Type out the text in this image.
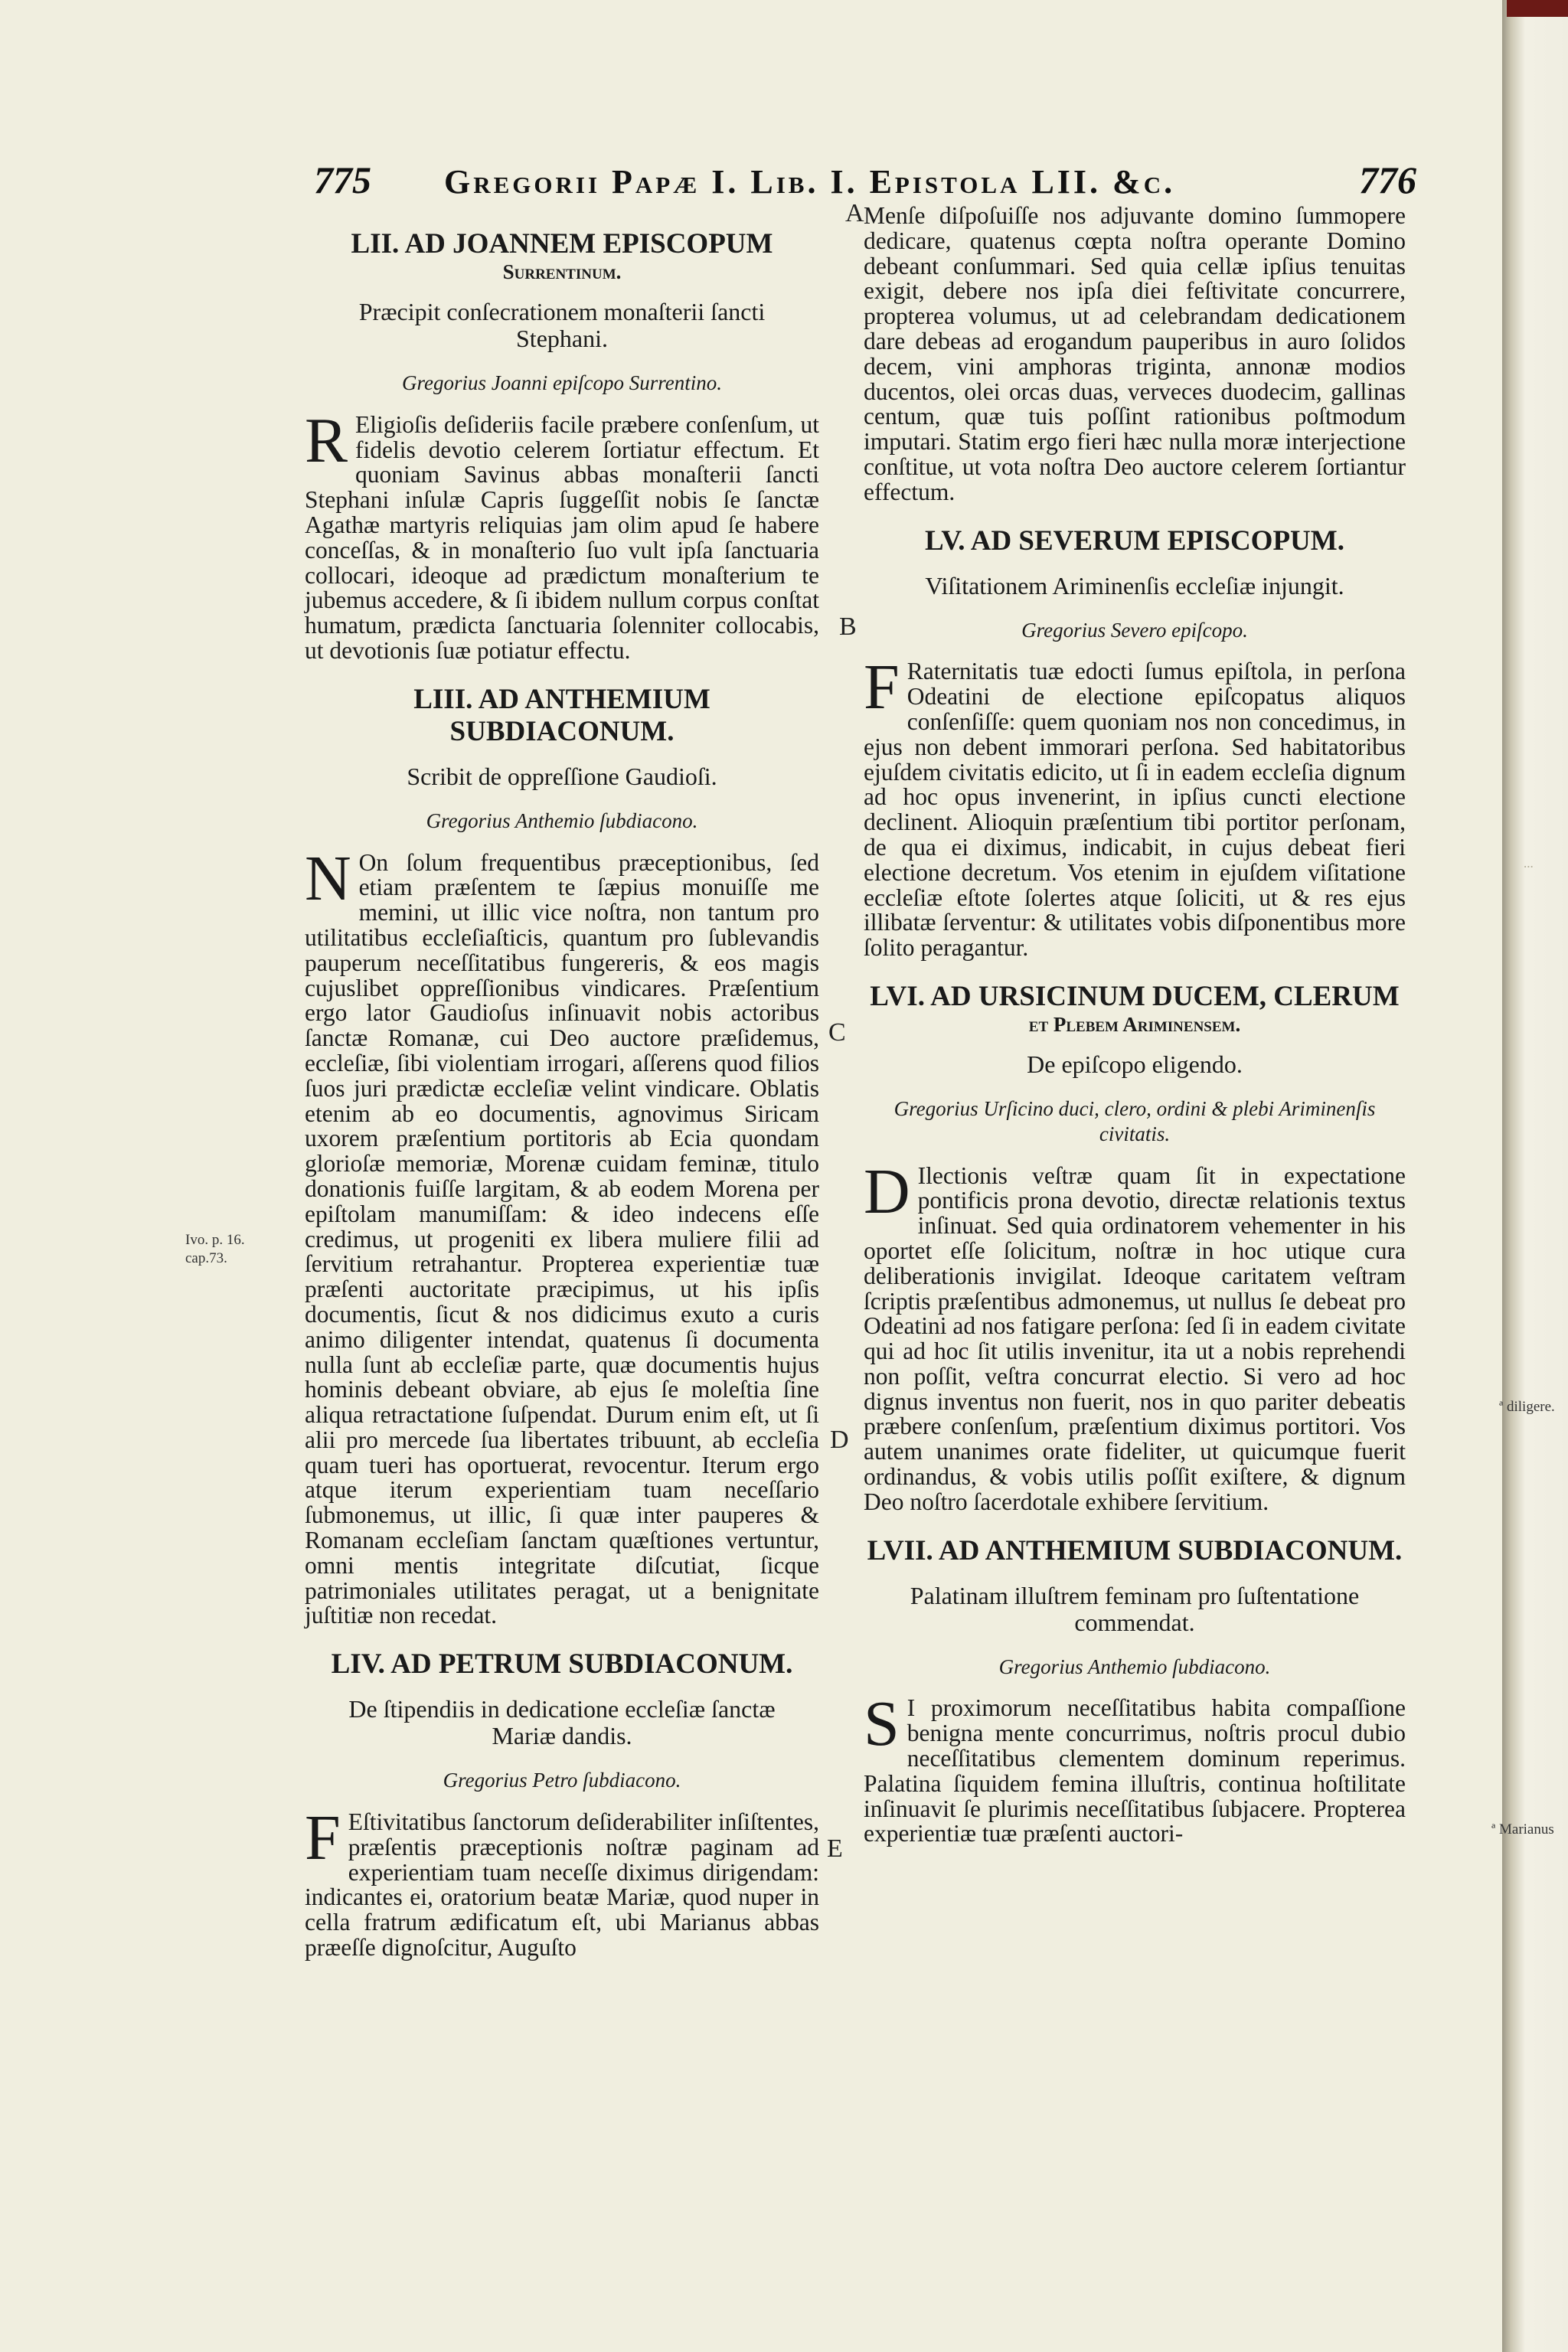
775 Gregorii Papæ I. Lib. I. Epistola LII. &c.	776
A
B
C
D
E
Ivo. p. 16.
cap.73.
ª diligere.
ª Marianus
...
LII. AD JOANNEM EPISCOPUM
Surrentinum.
Præcipit conſecrationem monaſterii ſancti Stephani.
Gregorius Joanni epiſcopo Surrentino.
R Eligioſis deſideriis facile præbere conſenſum, ut fidelis devotio celerem ſortiatur effectum. Et quoniam Savinus abbas monaſterii ſancti Stephani inſulæ Capris ſuggeſſit nobis ſe ſanctæ Agathæ martyris reliquias jam olim apud ſe habere conceſſas, & in monaſterio ſuo vult ipſa ſanctuaria collocari, ideoque ad prædictum monaſterium te jubemus accedere, & ſi ibidem nullum corpus conſtat humatum, prædicta ſanctuaria ſolenniter collocabis, ut devotionis ſuæ potiatur effectu.
LIII. AD ANTHEMIUM SUBDIACONUM.
Scribit de oppreſſione Gaudioſi.
Gregorius Anthemio ſubdiacono.
N On ſolum frequentibus præceptionibus, ſed etiam præſentem te ſæpius monuiſſe me memini, ut illic vice noſtra, non tantum pro utilitatibus eccleſiaſticis, quantum pro ſublevandis pauperum neceſſitatibus fungereris, & eos magis cujuslibet oppreſſionibus vindicares. Præſentium ergo lator Gaudioſus inſinuavit nobis actoribus ſanctæ Romanæ, cui Deo auctore præſidemus, eccleſiæ, ſibi violentiam irrogari, aſſerens quod filios ſuos juri prædictæ eccleſiæ velint vindicare. Oblatis etenim ab eo documentis, agnovimus Siricam uxorem præſentium portitoris ab Ecia quondam glorioſæ memoriæ, Morenæ cuidam feminæ, titulo donationis fuiſſe largitam, & ab eodem Morena per epiſtolam manumiſſam: & ideo indecens eſſe credimus, ut progeniti ex libera muliere filii ad ſervitium retrahantur. Propterea experientiæ tuæ præſenti auctoritate præcipimus, ut his ipſis documentis, ſicut & nos didicimus exuto a curis animo diligenter intendat, quatenus ſi documenta nulla ſunt ab eccleſiæ parte, quæ documentis hujus hominis debeant obviare, ab ejus ſe moleſtia ſine aliqua retractatione ſuſpendat. Durum enim eſt, ut ſi alii pro mercede ſua libertates tribuunt, ab eccleſia quam tueri has oportuerat, revocentur. Iterum ergo atque iterum experientiam tuam neceſſario ſubmonemus, ut illic, ſi quæ inter pauperes & Romanam eccleſiam ſanctam quæſtiones vertuntur, omni mentis integritate diſcutiat, ſicque patrimoniales utilitates peragat, ut a benignitate juſtitiæ non recedat.
LIV. AD PETRUM SUBDIACONUM.
De ſtipendiis in dedicatione eccleſiæ ſanctæ Mariæ dandis.
Gregorius Petro ſubdiacono.
F Eſtivitatibus ſanctorum deſiderabiliter inſiſtentes, præſentis præceptionis noſtræ paginam ad experientiam tuam neceſſe diximus dirigendam: indicantes ei, oratorium beatæ Mariæ, quod nuper in cella fratrum ædificatum eſt, ubi Marianus abbas præeſſe dignoſcitur, Auguſto
Menſe diſpoſuiſſe nos adjuvante domino ſummopere dedicare, quatenus cœpta noſtra operante Domino debeant conſummari. Sed quia cellæ ipſius tenuitas exigit, debere nos ipſa diei feſtivitate concurrere, propterea volumus, ut ad celebrandam dedicationem dare debeas ad erogandum pauperibus in auro ſolidos decem, vini amphoras triginta, annonæ modios ducentos, olei orcas duas, verveces duodecim, gallinas centum, quæ tuis poſſint rationibus poſtmodum imputari. Statim ergo fieri hæc nulla moræ interjectione conſtitue, ut vota noſtra Deo auctore celerem ſortiantur effectum.
LV. AD SEVERUM EPISCOPUM.
Viſitationem Ariminenſis eccleſiæ injungit.
Gregorius Severo epiſcopo.
F Raternitatis tuæ edocti ſumus epiſtola, in perſona Odeatini de electione epiſcopatus aliquos conſenſiſſe: quem quoniam nos non concedimus, in ejus non debent immorari perſona. Sed habitatoribus ejuſdem civitatis edicito, ut ſi in eadem eccleſia dignum ad hoc opus invenerint, in ipſius cuncti electione declinent. Alioquin præſentium tibi portitor perſonam, de qua ei diximus, indicabit, in cujus debeat fieri electione decretum. Vos etenim in ejuſdem viſitatione eccleſiæ eſtote ſolertes atque ſoliciti, ut & res ejus illibatæ ſerventur: & utilitates vobis diſponentibus more ſolito peragantur.
LVI. AD URSICINUM DUCEM, CLERUM
et Plebem Ariminensem.
De epiſcopo eligendo.
Gregorius Urſicino duci, clero, ordini & plebi Ariminenſis civitatis.
D Ilectionis veſtræ quam ſit in expectatione pontificis prona devotio, directæ relationis textus inſinuat. Sed quia ordinatorem vehementer in his oportet eſſe ſolicitum, noſtræ in hoc utique cura deliberationis invigilat. Ideoque caritatem veſtram ſcriptis præſentibus admonemus, ut nullus ſe debeat pro Odeatini ad nos fatigare perſona: ſed ſi in eadem civitate qui ad hoc ſit utilis invenitur, ita ut a nobis reprehendi non poſſit, veſtra concurrat electio. Si vero ad hoc dignus inventus non fuerit, nos in quo pariter debeatis præbere conſenſum, præſentium diximus portitori. Vos autem unanimes orate fideliter, ut quicumque fuerit ordinandus, & vobis utilis poſſit exiſtere, & dignum Deo noſtro ſacerdotale exhibere ſervitium.
LVII. AD ANTHEMIUM SUBDIACONUM.
Palatinam illuſtrem feminam pro ſuſtentatione commendat.
Gregorius Anthemio ſubdiacono.
S I proximorum neceſſitatibus habita compaſſione benigna mente concurrimus, noſtris procul dubio neceſſitatibus clementem dominum reperimus. Palatina ſiquidem femina illuſtris, continua hoſtilitate inſinuavit ſe plurimis neceſſitatibus ſubjacere. Propterea experientiæ tuæ præſenti auctori-
